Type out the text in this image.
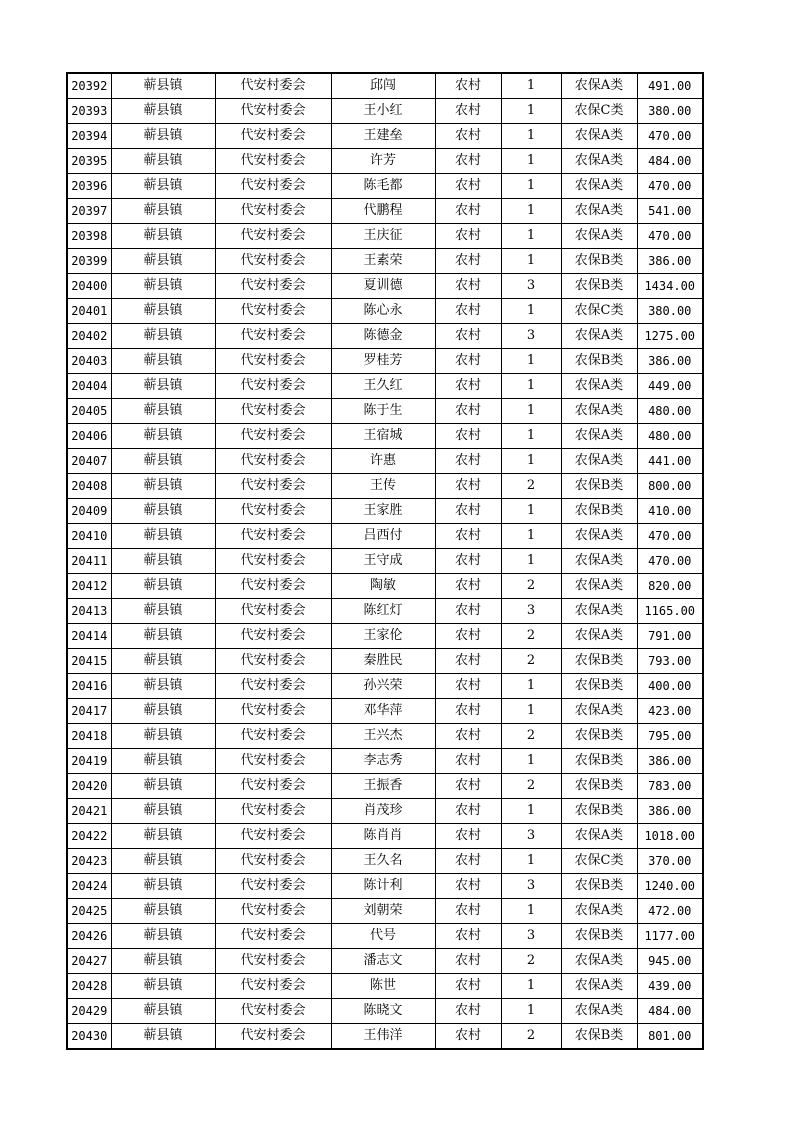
20392	蕲县镇	代安村委会	邱闯	农村	1	农保A类	491.00
20393	蕲县镇	代安村委会	王小红	农村	1	农保C类	380.00
20394	蕲县镇	代安村委会	王建垒	农村	1	农保A类	470.00
20395	蕲县镇	代安村委会	许芳	农村	1	农保A类	484.00
20396	蕲县镇	代安村委会	陈毛都	农村	1	农保A类	470.00
20397	蕲县镇	代安村委会	代鹏程	农村	1	农保A类	541.00
20398	蕲县镇	代安村委会	王庆征	农村	1	农保A类	470.00
20399	蕲县镇	代安村委会	王素荣	农村	1	农保B类	386.00
20400	蕲县镇	代安村委会	夏训德	农村	3	农保B类	1434.00
20401	蕲县镇	代安村委会	陈心永	农村	1	农保C类	380.00
20402	蕲县镇	代安村委会	陈德金	农村	3	农保A类	1275.00
20403	蕲县镇	代安村委会	罗桂芳	农村	1	农保B类	386.00
20404	蕲县镇	代安村委会	王久红	农村	1	农保A类	449.00
20405	蕲县镇	代安村委会	陈于生	农村	1	农保A类	480.00
20406	蕲县镇	代安村委会	王宿城	农村	1	农保A类	480.00
20407	蕲县镇	代安村委会	许惠	农村	1	农保A类	441.00
20408	蕲县镇	代安村委会	王传	农村	2	农保B类	800.00
20409	蕲县镇	代安村委会	王家胜	农村	1	农保B类	410.00
20410	蕲县镇	代安村委会	吕西付	农村	1	农保A类	470.00
20411	蕲县镇	代安村委会	王守成	农村	1	农保A类	470.00
20412	蕲县镇	代安村委会	陶敏	农村	2	农保A类	820.00
20413	蕲县镇	代安村委会	陈红灯	农村	3	农保A类	1165.00
20414	蕲县镇	代安村委会	王家伦	农村	2	农保A类	791.00
20415	蕲县镇	代安村委会	秦胜民	农村	2	农保B类	793.00
20416	蕲县镇	代安村委会	孙兴荣	农村	1	农保B类	400.00
20417	蕲县镇	代安村委会	邓华萍	农村	1	农保A类	423.00
20418	蕲县镇	代安村委会	王兴杰	农村	2	农保B类	795.00
20419	蕲县镇	代安村委会	李志秀	农村	1	农保B类	386.00
20420	蕲县镇	代安村委会	王振香	农村	2	农保B类	783.00
20421	蕲县镇	代安村委会	肖茂珍	农村	1	农保B类	386.00
20422	蕲县镇	代安村委会	陈肖肖	农村	3	农保A类	1018.00
20423	蕲县镇	代安村委会	王久名	农村	1	农保C类	370.00
20424	蕲县镇	代安村委会	陈计利	农村	3	农保B类	1240.00
20425	蕲县镇	代安村委会	刘朝荣	农村	1	农保A类	472.00
20426	蕲县镇	代安村委会	代号	农村	3	农保B类	1177.00
20427	蕲县镇	代安村委会	潘志文	农村	2	农保A类	945.00
20428	蕲县镇	代安村委会	陈世	农村	1	农保A类	439.00
20429	蕲县镇	代安村委会	陈晓文	农村	1	农保A类	484.00
20430	蕲县镇	代安村委会	王伟洋	农村	2	农保B类	801.00
